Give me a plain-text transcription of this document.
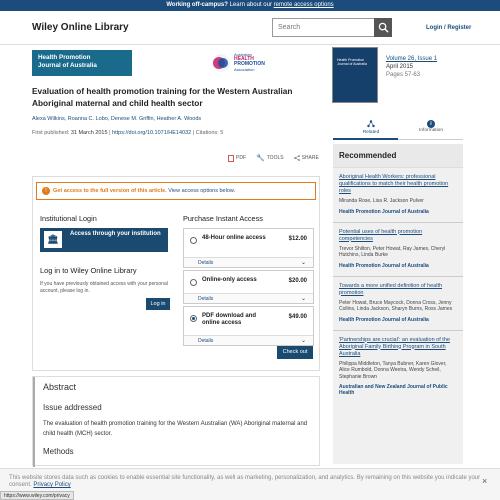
Working off-campus? Learn about our remote access options
Wiley Online Library	Search	Login / Register
Health Promotion
Journal of Australia
Australian
HEALTH
PROMOTION
Association
Health Promotion Journal of Australia
Volume 26, Issue 1
April 2015
Pages 57-63
Evaluation of health promotion training for the Western Australian Aboriginal maternal and child health sector
Alexa Wilkins, Roanna C. Lobo, Denese M. Griffin, Heather A. Woods
First published: 31 March 2015 | https://doi.org/10.1071/HE14032 | Citations: 5
PDF 🔧 TOOLS	SHARE
Related
i
Information
Recommended
Aboriginal Health Workers: professional qualifications to match their health promotion roles
Miranda Rose, Lisa R. Jackson Pulver
Health Promotion Journal of Australia
Potential uses of health promotion competencies
Trevor Shilton, Peter Howat, Ray James, Cheryl Hutchins, Linda Burke
Health Promotion Journal of Australia
Towards a more unified definition of health promotion
Peter Howat, Bruce Maycock, Donna Cross, Jenny Collins, Linda Jackson, Sharyn Burns, Ross James
Health Promotion Journal of Australia
'Partnerships are crucial': an evaluation of the Aboriginal Family Birthing Program in South Australia
Philippa Middleton, Tanya Bubner, Karen Glover, Alice Rumbold, Donna Weetra, Wendy Scheil, Stephanie Brown
Australian and New Zealand Journal of Public Health
!	Get access to the full version of this article. View access options below.
Institutional Login
🏛	Access through your institution
Log in to Wiley Online Library
If you have previously obtained access with your personal account, please log in.
Log in
Purchase Instant Access
48-Hour online access	$12.00
Details	⌄
Online-only access	$20.00
Details	⌄
PDF download and online access
$49.00
Details	⌄
Check out
Abstract
Issue addressed
The evaluation of health promotion training for the Western Australian (WA) Aboriginal maternal and child health (MCH) sector.
Methods
This website stores data such as cookies to enable essential site functionality, as well as marketing, personalization, and analytics. By remaining on this website you indicate your consent. Privacy Policy	×
https://www.wiley.com/privacy
